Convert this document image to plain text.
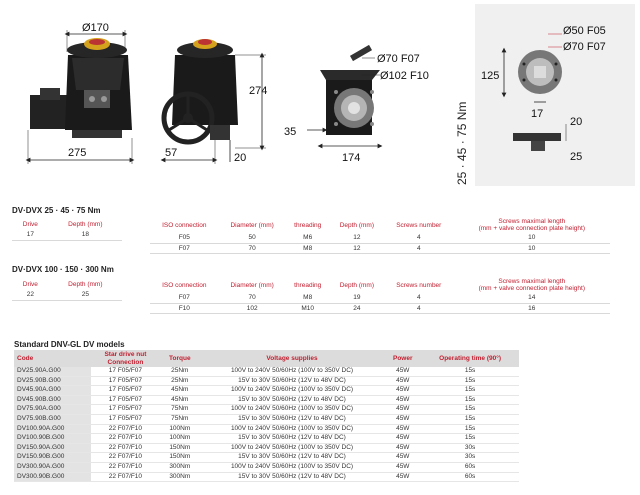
Ø170
275
274
57	20
Ø70 F07
Ø102 F10
35
174
Ø50 F05
Ø70 F07
125
17
20
25
25 · 45 · 75 Nm
DV·DVX 25 · 45 · 75 Nm
Drive	Depth (mm)
17	18
ISO connection	Diameter (mm)	threading	Depth (mm)	Screws number	Screws maximal length
(mm + valve connection plate height)
F05	50	M6	12	4	10
F07	70	M8	12	4	10
DV·DVX 100 · 150 · 300 Nm
Drive	Depth (mm)
22	25
ISO connection	Diameter (mm)	threading	Depth (mm)	Screws number	Screws maximal length
(mm + valve connection plate height)
F07	70	M8	19	4	14
F10	102	M10	24	4	16
Standard DNV-GL DV models
Code	Star drive nut
Connection	Torque	Voltage supplies	Power	Operating time (90°)
DV25.90A.G00	17 F05/F07	25Nm	100V to 240V 50/60Hz (100V to 350V DC)	45W	15s
DV25.90B.G00	17 F05/F07	25Nm	15V to 30V 50/60Hz (12V to 48V DC)	45W	15s
DV45.90A.G00	17 F05/F07	45Nm	100V to 240V 50/60Hz (100V to 350V DC)	45W	15s
DV45.90B.G00	17 F05/F07	45Nm	15V to 30V 50/60Hz (12V to 48V DC)	45W	15s
DV75.90A.G00	17 F05/F07	75Nm	100V to 240V 50/60Hz (100V to 350V DC)	45W	15s
DV75.90B.G00	17 F05/F07	75Nm	15V to 30V 50/60Hz (12V to 48V DC)	45W	15s
DV100.90A.G00	22 F07/F10	100Nm	100V to 240V 50/60Hz (100V to 350V DC)	45W	15s
DV100.90B.G00	22 F07/F10	100Nm	15V to 30V 50/60Hz (12V to 48V DC)	45W	15s
DV150.90A.G00	22 F07/F10	150Nm	100V to 240V 50/60Hz (100V to 350V DC)	45W	30s
DV150.90B.G00	22 F07/F10	150Nm	15V to 30V 50/60Hz (12V to 48V DC)	45W	30s
DV300.90A.G00	22 F07/F10	300Nm	100V to 240V 50/60Hz (100V to 350V DC)	45W	60s
DV300.90B.G00	22 F07/F10	300Nm	15V to 30V 50/60Hz (12V to 48V DC)	45W	60s
